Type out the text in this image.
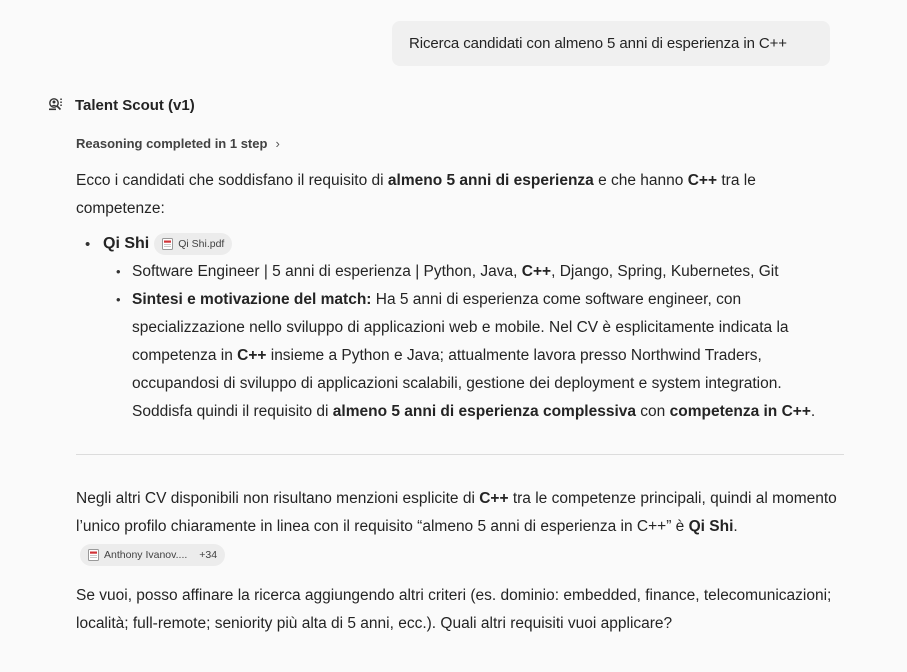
Ricerca candidati con almeno 5 anni di esperienza in C++
Talent Scout (v1)
Reasoning completed in 1 step ›
Ecco i candidati che soddisfano il requisito di almeno 5 anni di esperienza e che hanno C++ tra le competenze:
• Qi Shi	Qi Shi.pdf
• Software Engineer | 5 anni di esperienza | Python, Java, C++, Django, Spring, Kubernetes, Git
• Sintesi e motivazione del match: Ha 5 anni di esperienza come software engineer, con specializzazione nello sviluppo di applicazioni web e mobile. Nel CV è esplicitamente indicata la competenza in C++ insieme a Python e Java; attualmente lavora presso Northwind Traders, occupandosi di sviluppo di applicazioni scalabili, gestione dei deployment e system integration. Soddisfa quindi il requisito di almeno 5 anni di esperienza complessiva con competenza in C++.
Negli altri CV disponibili non risultano menzioni esplicite di C++ tra le competenze principali, quindi al momento l’unico profilo chiaramente in linea con il requisito “almeno 5 anni di esperienza in C++” è Qi Shi.
Anthony Ivanov.... +34
Se vuoi, posso affinare la ricerca aggiungendo altri criteri (es. dominio: embedded, finance, telecomunicazioni; località; full-remote; seniority più alta di 5 anni, ecc.). Quali altri requisiti vuoi applicare?
